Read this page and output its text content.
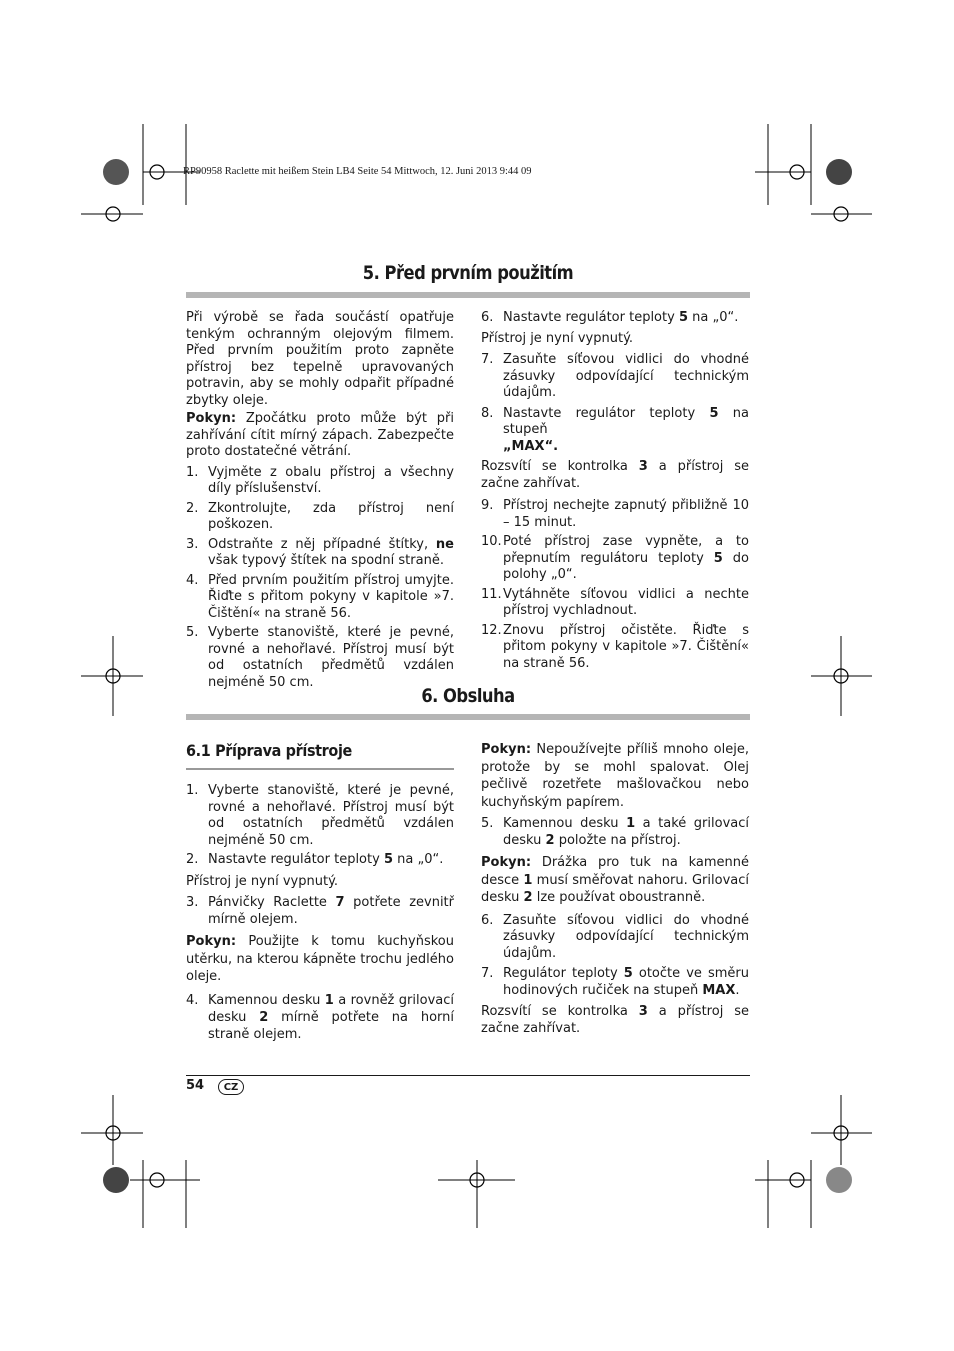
RP90958 Raclette mit heißem Stein LB4 Seite 54 Mittwoch, 12. Juni 2013 9:44 09
5. Před prvním použitím

Při výrobě se řada součástí opatřuje tenkým ochranným olejovým filmem. Před prvním použitím proto zapněte přístroj bez tepelně upravovaných potravin, aby se mohly odpařit případné zbytky oleje.

Pokyn: Zpočátku proto může být při zahřívání cítit mírný zápach. Zabezpečte proto dostatečné větrání.

1. Vyjměte z obalu přístroj a všechny díly příslušenství.
2. Zkontrolujte, zda přístroj není poškozen.
3. Odstraňte z něj případné štítky, ne však typový štítek na spodní straně.
4. Před prvním použitím přístroj umyjte. Řiďte s přitom pokyny v kapitole »7. Čištění« na straně 56.
5. Vyberte stanoviště, které je pevné, rovné a nehořlavé. Přístroj musí být od ostatních předmětů vzdálen nejméně 50 cm.
6. Nastavte regulátor teploty 5 na „0“.

Přístroj je nyní vypnutý.

7. Zasuňte síťovou vidlici do vhodné zásuvky odpovídající technickým údajům.
8. Nastavte regulátor teploty 5 na stupeň
„MAX“.

Rozsvítí se kontrolka 3 a přístroj se začne zahřívat.

9. Přístroj nechejte zapnutý přibližně 10 – 15 minut.
10. Poté přístroj zase vypněte, a to přepnutím regulátoru teploty 5 do polohy „0“.
11. Vytáhněte síťovou vidlici a nechte přístroj vychladnout.
12. Znovu přístroj očistěte. Řiďte s přitom pokyny v kapitole »7. Čištění« na straně 56.
6. Obsluha
6.1 Příprava přístroje
1. Vyberte stanoviště, které je pevné, rovné a nehořlavé. Přístroj musí být od ostatních předmětů vzdálen nejméně 50 cm.
2. Nastavte regulátor teploty 5 na „0“.

Přístroj je nyní vypnutý.

3. Pánvičky Raclette 7 potřete zevnitř mírně olejem.

Pokyn: Použijte k tomu kuchyňskou utěrku, na kterou kápněte trochu jedlého oleje.

4. Kamennou desku 1 a rovněž grilovací desku 2 mírně potřete na horní straně olejem.

Pokyn: Nepoužívejte příliš mnoho oleje, protože by se mohl spalovat. Olej pečlivě rozetřete mašlovačkou nebo kuchyňským papírem.

5. Kamennou desku 1 a také grilovací desku 2 položte na přístroj.

Pokyn: Drážka pro tuk na kamenné desce 1 musí směřovat nahoru. Grilovací desku 2 lze používat oboustranně.

6. Zasuňte síťovou vidlici do vhodné zásuvky odpovídající technickým údajům.
7. Regulátor teploty 5 otočte ve směru hodinových ručiček na stupeň MAX.

Rozsvítí se kontrolka 3 a přístroj se začne zahřívat.

54	CZ
